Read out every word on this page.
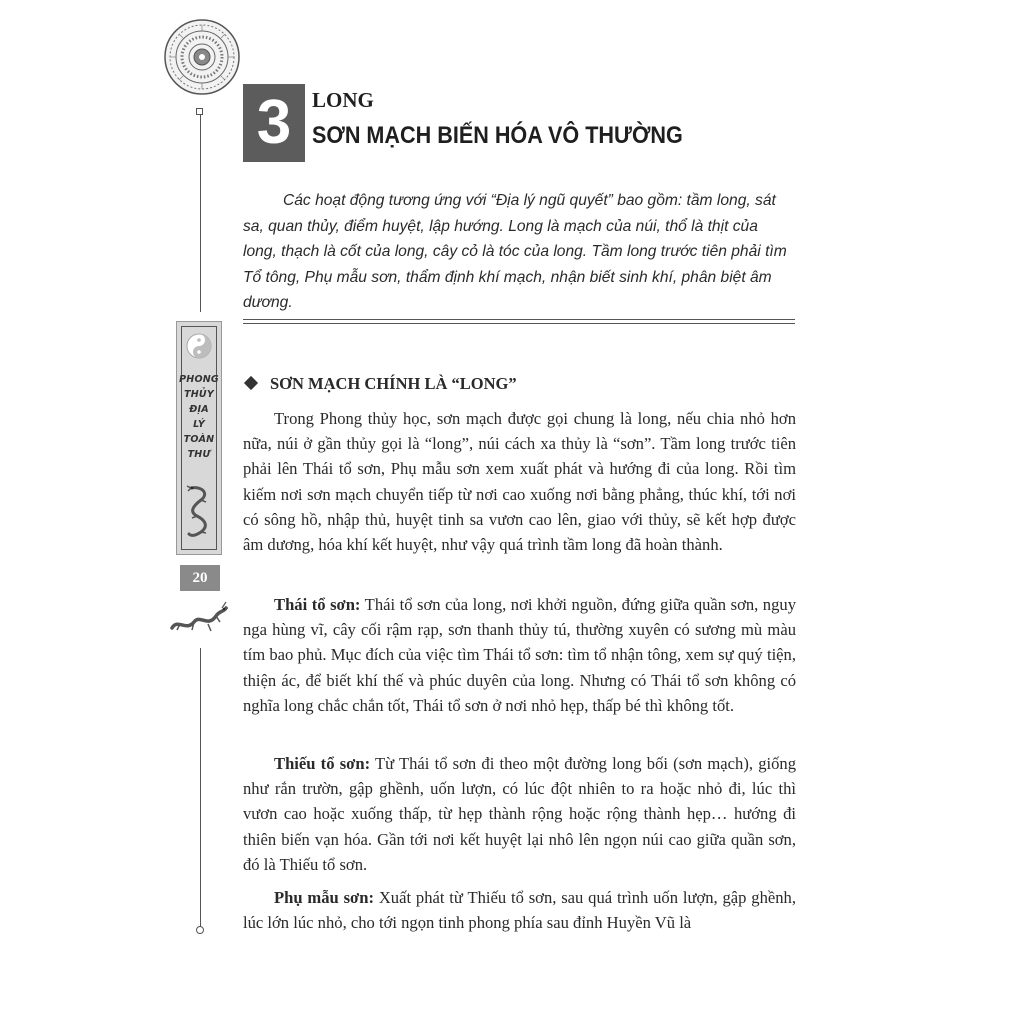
PHONG
THỦY
ĐỊA
LÝ
TOÀN
THƯ
20
3 LONG
SƠN MẠCH BIẾN HÓA VÔ THƯỜNG

Các hoạt động tương ứng với “Địa lý ngũ quyết” bao gồm: tầm long, sát sa, quan thủy, điểm huyệt, lập hướng. Long là mạch của núi, thổ là thịt của long, thạch là cốt của long, cây cỏ là tóc của long. Tầm long trước tiên phải tìm Tổ tông, Phụ mẫu sơn, thẩm định khí mạch, nhận biết sinh khí, phân biệt âm dương.

SƠN MẠCH CHÍNH LÀ “LONG”

Trong Phong thủy học, sơn mạch được gọi chung là long, nếu chia nhỏ hơn nữa, núi ở gần thủy gọi là “long”, núi cách xa thủy là “sơn”. Tầm long trước tiên phải lên Thái tổ sơn, Phụ mẫu sơn xem xuất phát và hướng đi của long. Rồi tìm kiếm nơi sơn mạch chuyển tiếp từ nơi cao xuống nơi bằng phẳng, thúc khí, tới nơi có sông hồ, nhập thủ, huyệt tinh sa vươn cao lên, giao với thủy, sẽ kết hợp được âm dương, hóa khí kết huyệt, như vậy quá trình tầm long đã hoàn thành.

Thái tổ sơn: Thái tổ sơn của long, nơi khởi nguồn, đứng giữa quần sơn, nguy nga hùng vĩ, cây cối rậm rạp, sơn thanh thủy tú, thường xuyên có sương mù màu tím bao phủ. Mục đích của việc tìm Thái tổ sơn: tìm tổ nhận tông, xem sự quý tiện, thiện ác, để biết khí thế và phúc duyên của long. Nhưng có Thái tổ sơn không có nghĩa long chắc chắn tốt, Thái tổ sơn ở nơi nhỏ hẹp, thấp bé thì không tốt.

Thiếu tổ sơn: Từ Thái tổ sơn đi theo một đường long bối (sơn mạch), giống như rắn trườn, gập ghềnh, uốn lượn, có lúc đột nhiên to ra hoặc nhỏ đi, lúc thì vươn cao hoặc xuống thấp, từ hẹp thành rộng hoặc rộng thành hẹp… hướng đi thiên biến vạn hóa. Gần tới nơi kết huyệt lại nhô lên ngọn núi cao giữa quần sơn, đó là Thiếu tổ sơn.

Phụ mẫu sơn: Xuất phát từ Thiếu tổ sơn, sau quá trình uốn lượn, gập ghềnh, lúc lớn lúc nhỏ, cho tới ngọn tinh phong phía sau đỉnh Huyền Vũ là
